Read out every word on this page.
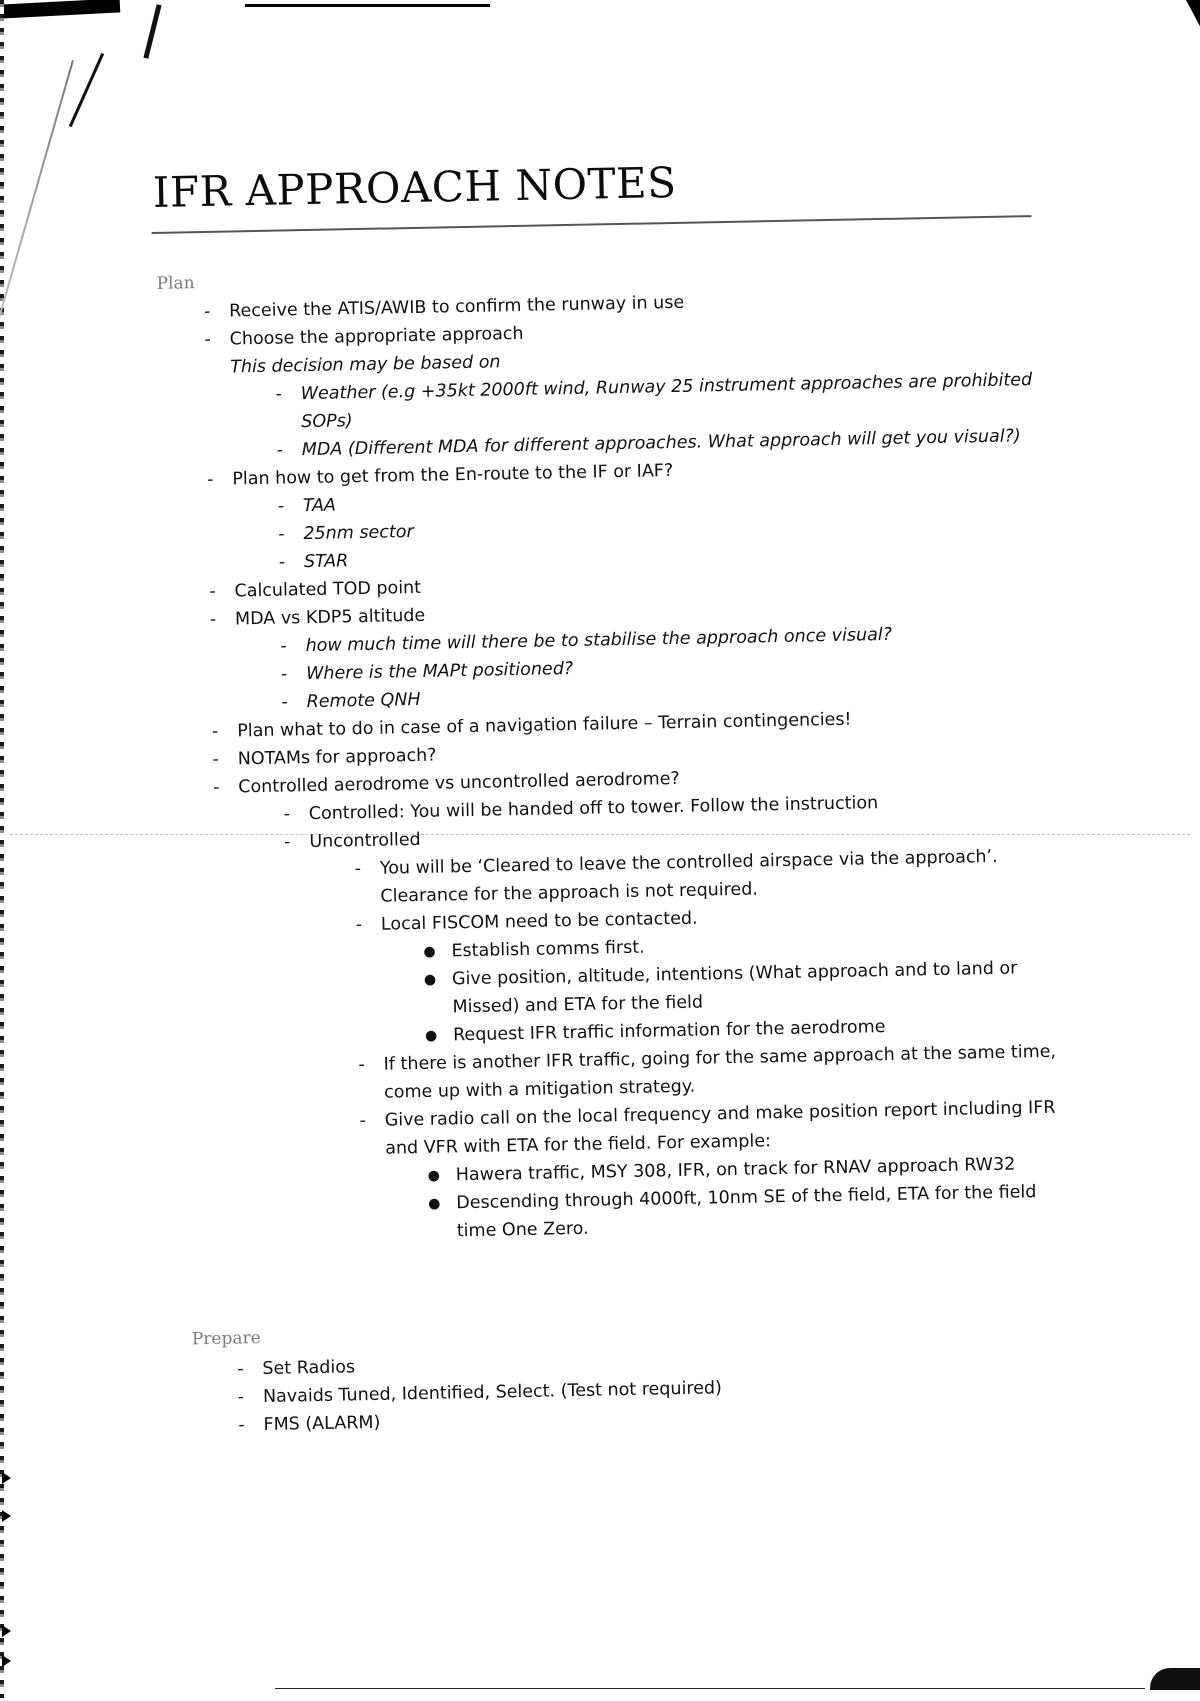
IFR APPROACH NOTES
Plan
-	Receive the ATIS/AWIB to confirm the runway in use
-	Choose the appropriate approach
This decision may be based on
-	Weather (e.g +35kt 2000ft wind, Runway 25 instrument approaches are prohibited
SOPs)
-	MDA (Different MDA for different approaches. What approach will get you visual?)
-	Plan how to get from the En-route to the IF or IAF?
-	TAA
-	25nm sector
-	STAR
-	Calculated TOD point
-	MDA vs KDP5 altitude
-	how much time will there be to stabilise the approach once visual?
-	Where is the MAPt positioned?
-	Remote QNH
-	Plan what to do in case of a navigation failure – Terrain contingencies!
-	NOTAMs for approach?
-	Controlled aerodrome vs uncontrolled aerodrome?
-	Controlled: You will be handed off to tower. Follow the instruction
-	Uncontrolled
-	You will be ‘Cleared to leave the controlled airspace via the approach’.
Clearance for the approach is not required.
-	Local FISCOM need to be contacted.
● Establish comms first.
● Give position, altitude, intentions (What approach and to land or
Missed) and ETA for the field
● Request IFR traffic information for the aerodrome
-	If there is another IFR traffic, going for the same approach at the same time,
come up with a mitigation strategy.
-	Give radio call on the local frequency and make position report including IFR
and VFR with ETA for the field. For example:
● Hawera traffic, MSY 308, IFR, on track for RNAV approach RW32
● Descending through 4000ft, 10nm SE of the field, ETA for the field
time One Zero.
Prepare
-	Set Radios
-	Navaids Tuned, Identified, Select. (Test not required)
-	FMS (ALARM)
